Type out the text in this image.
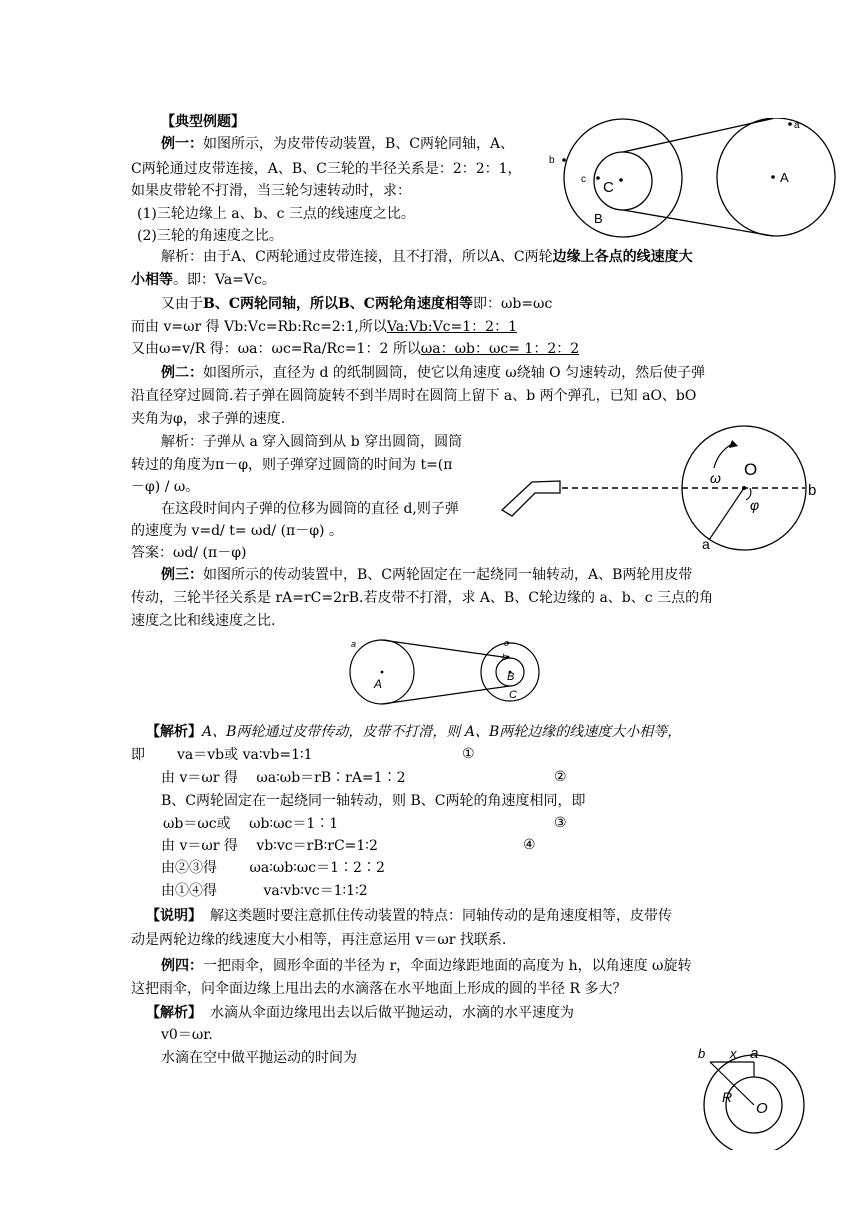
【典型例题】
例一：如图所示，为皮带传动装置，B、C两轮同轴，A、
C两轮通过皮带连接，A、B、C三轮的半径关系是：2：2：1，
如果皮带轮不打滑，当三轮匀速转动时，求：
(1)三轮边缘上 a、b、c 三点的线速度之比。
(2)三轮的角速度之比。
解析：由于A、C两轮通过皮带连接，且不打滑，所以A、C两轮边缘上各点的线速度大
小相等。即：Va=Vc。
又由于B、C两轮同轴，所以B、C两轮角速度相等即：ωb=ωc
而由 v=ωr 得 Vb:Vc=Rb:Rc=2:1,所以Va:Vb:Vc=1：2：1
又由ω=v/R 得：ωa：ωc=Ra/Rc=1：2 所以ωa：ωb：ωc= 1：2：2
b
c C
B
A
a
例二：如图所示，直径为 d 的纸制圆筒，使它以角速度 ω绕轴 O 匀速转动，然后使子弹
沿直径穿过圆筒.若子弹在圆筒旋转不到半周时在圆筒上留下 a、b 两个弹孔，已知 aO、bO
夹角为φ，求子弹的速度.
解析：子弹从 a 穿入圆筒到从 b 穿出圆筒，圆筒
转过的角度为π－φ，则子弹穿过圆筒的时间为 t=(π
－φ) / ω。
在这段时间内子弹的位移为圆筒的直径 d,则子弹
的速度为 v=d/ t= ωd/ (π－φ) 。
答案：ωd/ (π－φ)
O
ω
φ
b
a
例三：如图所示的传动装置中，B、C两轮固定在一起绕同一轴转动，A、B两轮用皮带
传动，三轮半径关系是 rA=rC=2rB.若皮带不打滑，求 A、B、C轮边缘的 a、b、c 三点的角
速度之比和线速度之比.
a
A
b
c
B
C
【解析】A、B两轮通过皮带传动，皮带不打滑，则 A、B两轮边缘的线速度大小相等，
即 va＝vb或 va∶vb=1∶1	①
由 v＝ωr 得　 ωa∶ωb＝rB∶rA=1∶2	②
B、C两轮固定在一起绕同一轴转动，则 B、C两轮的角速度相同，即
ωb＝ωc或　 ωb∶ωc＝1∶1	③
由 v＝ωr 得　 vb∶vc＝rB∶rC=1∶2	④
由②③得　　 ωa∶ωb∶ωc＝1∶2∶2
由①④得　　　 va∶vb∶vc＝1∶1∶2
【说明】 解这类题时要注意抓住传动装置的特点：同轴传动的是角速度相等，皮带传
动是两轮边缘的线速度大小相等，再注意运用 v＝ωr 找联系.
例四：一把雨伞，圆形伞面的半径为 r，伞面边缘距地面的高度为 h，以角速度 ω旋转
这把雨伞，问伞面边缘上甩出去的水滴落在水平地面上形成的圆的半径 R 多大？
【解析】 水滴从伞面边缘甩出去以后做平抛运动，水滴的水平速度为
v0＝ωr.
水滴在空中做平抛运动的时间为	b x a
R
O
